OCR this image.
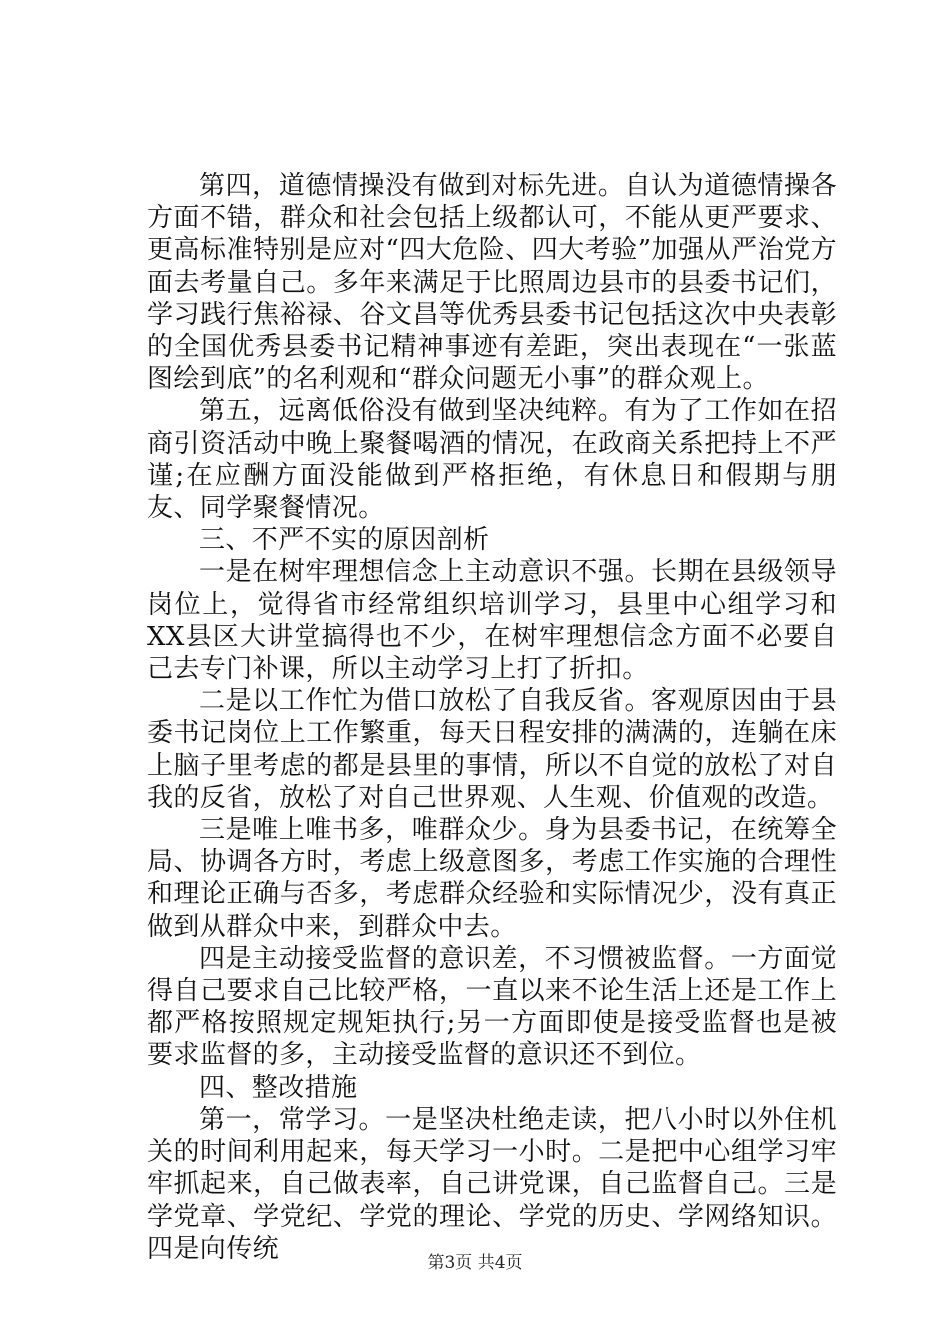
第四，道德情操没有做到对标先进。自认为道德情操各方面不错，群众和社会包括上级都认可，不能从更严要求、更高标准特别是应对“四大危险、四大考验”加强从严治党方面去考量自己。多年来满足于比照周边县市的县委书记们，学习践行焦裕禄、谷文昌等优秀县委书记包括这次中央表彰的全国优秀县委书记精神事迹有差距，突出表现在“一张蓝图绘到底”的名利观和“群众问题无小事”的群众观上。

第五，远离低俗没有做到坚决纯粹。有为了工作如在招商引资活动中晚上聚餐喝酒的情况，在政商关系把持上不严谨;在应酬方面没能做到严格拒绝，有休息日和假期与朋友、同学聚餐情况。

三、不严不实的原因剖析

一是在树牢理想信念上主动意识不强。长期在县级领导岗位上，觉得省市经常组织培训学习，县里中心组学习和XX县区大讲堂搞得也不少，在树牢理想信念方面不必要自己去专门补课，所以主动学习上打了折扣。

二是以工作忙为借口放松了自我反省。客观原因由于县委书记岗位上工作繁重，每天日程安排的满满的，连躺在床上脑子里考虑的都是县里的事情，所以不自觉的放松了对自我的反省，放松了对自己世界观、人生观、价值观的改造。

三是唯上唯书多，唯群众少。身为县委书记，在统筹全局、协调各方时，考虑上级意图多，考虑工作实施的合理性和理论正确与否多，考虑群众经验和实际情况少，没有真正做到从群众中来，到群众中去。

四是主动接受监督的意识差，不习惯被监督。一方面觉得自己要求自己比较严格，一直以来不论生活上还是工作上都严格按照规定规矩执行;另一方面即使是接受监督也是被要求监督的多，主动接受监督的意识还不到位。

四、整改措施

第一，常学习。一是坚决杜绝走读，把八小时以外住机关的时间利用起来，每天学习一小时。二是把中心组学习牢牢抓起来，自己做表率，自己讲党课，自己监督自己。三是学党章、学党纪、学党的理论、学党的历史、学网络知识。四是向传统	第3页 共4页
